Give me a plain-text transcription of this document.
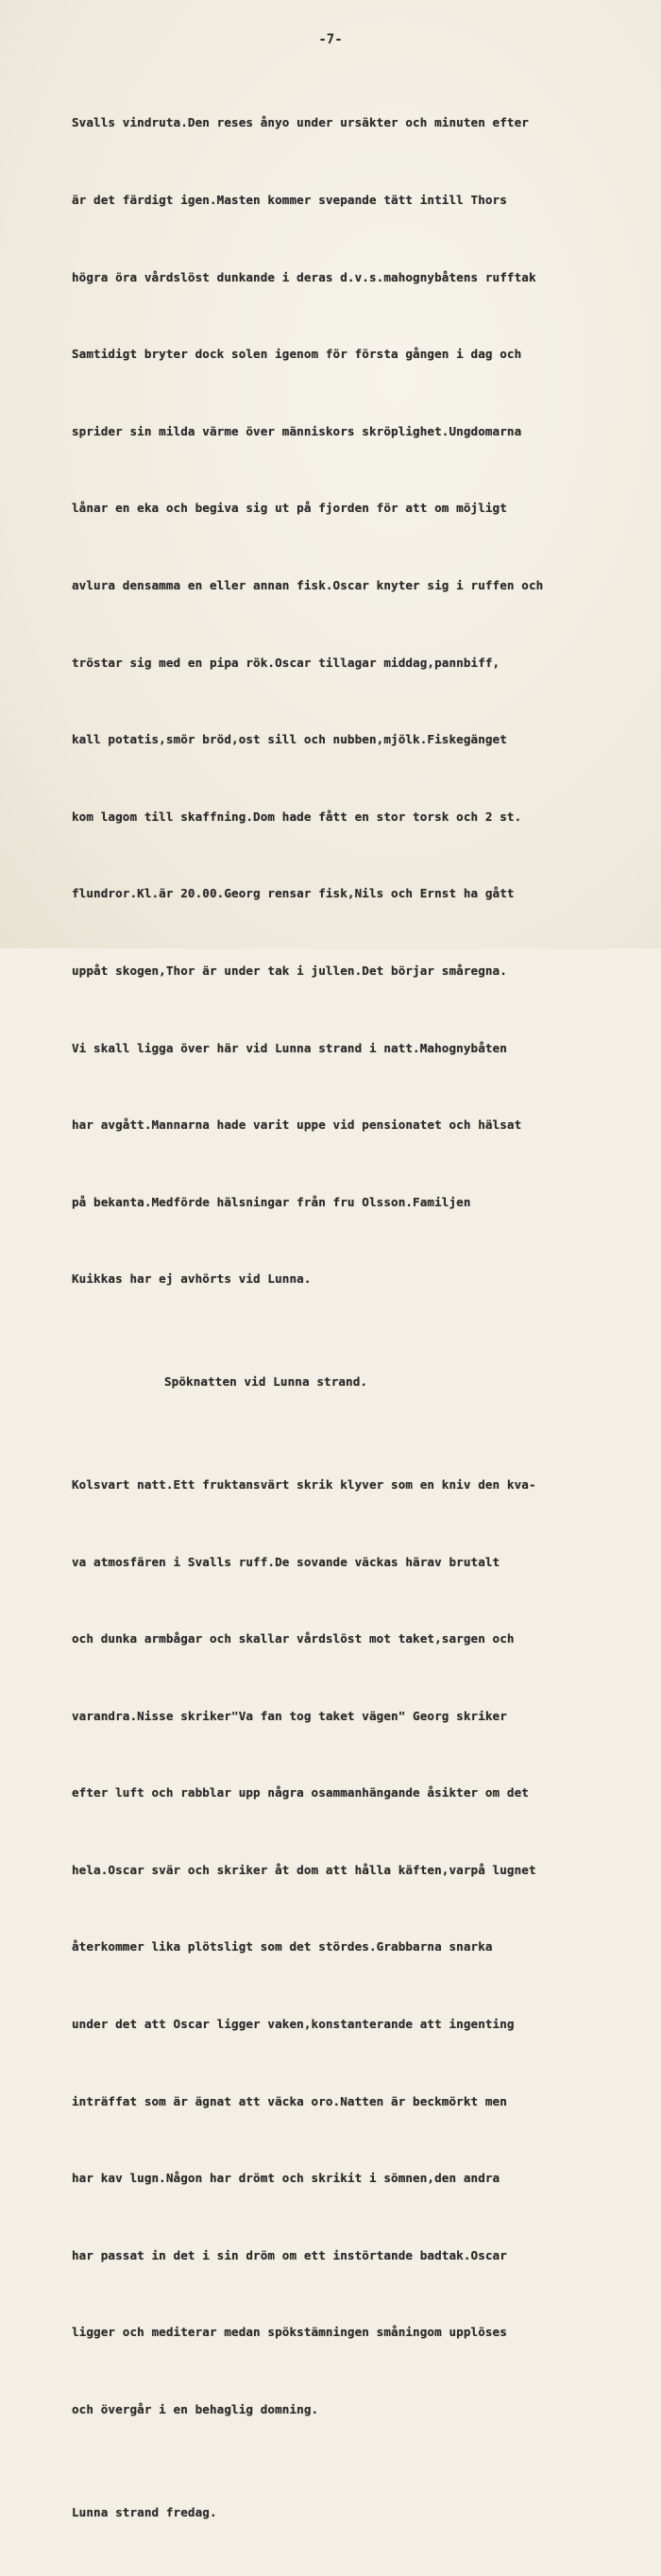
-7-

Svalls vindruta.Den reses ånyo under ursäkter och minuten efter

är det färdigt igen.Masten kommer svepande tätt intill Thors

högra öra vårdslöst dunkande i deras d.v.s.mahognybåtens rufftak

Samtidigt bryter dock solen igenom för första gången i dag och

sprider sin milda värme över människors skröplighet.Ungdomarna

lånar en eka och begiva sig ut på fjorden för att om möjligt

avlura densamma en eller annan fisk.Oscar knyter sig i ruffen och

tröstar sig med en pipa rök.Oscar tillagar middag,pannbiff,

kall potatis,smör bröd,ost sill och nubben,mjölk.Fiskegänget

kom lagom till skaffning.Dom hade fått en stor torsk och 2 st.

flundror.Kl.är 20.00.Georg rensar fisk,Nils och Ernst ha gått

uppåt skogen,Thor är under tak i jullen.Det börjar småregna.

Vi skall ligga över här vid Lunna strand i natt.Mahognybåten

har avgått.Mannarna hade varit uppe vid pensionatet och hälsat

på bekanta.Medförde hälsningar från fru Olsson.Familjen

Kuikkas har ej avhörts vid Lunna.

Spöknatten vid Lunna strand.

Kolsvart natt.Ett fruktansvärt skrik klyver som en kniv den kva-

va atmosfären i Svalls ruff.De sovande väckas härav brutalt

och dunka armbågar och skallar vårdslöst mot taket,sargen och

varandra.Nisse skriker"Va fan tog taket vägen" Georg skriker

efter luft och rabblar upp några osammanhängande åsikter om det

hela.Oscar svär och skriker åt dom att hålla käften,varpå lugnet

återkommer lika plötsligt som det stördes.Grabbarna snarka

under det att Oscar ligger vaken,konstanterande att ingenting

inträffat som är ägnat att väcka oro.Natten är beckmörkt men

har kav lugn.Någon har drömt och skrikit i sömnen,den andra

har passat in det i sin dröm om ett instörtande badtak.Oscar

ligger och mediterar medan spökstämningen småningom upplöses

och övergår i en behaglig domning.

Lunna strand fredag.
